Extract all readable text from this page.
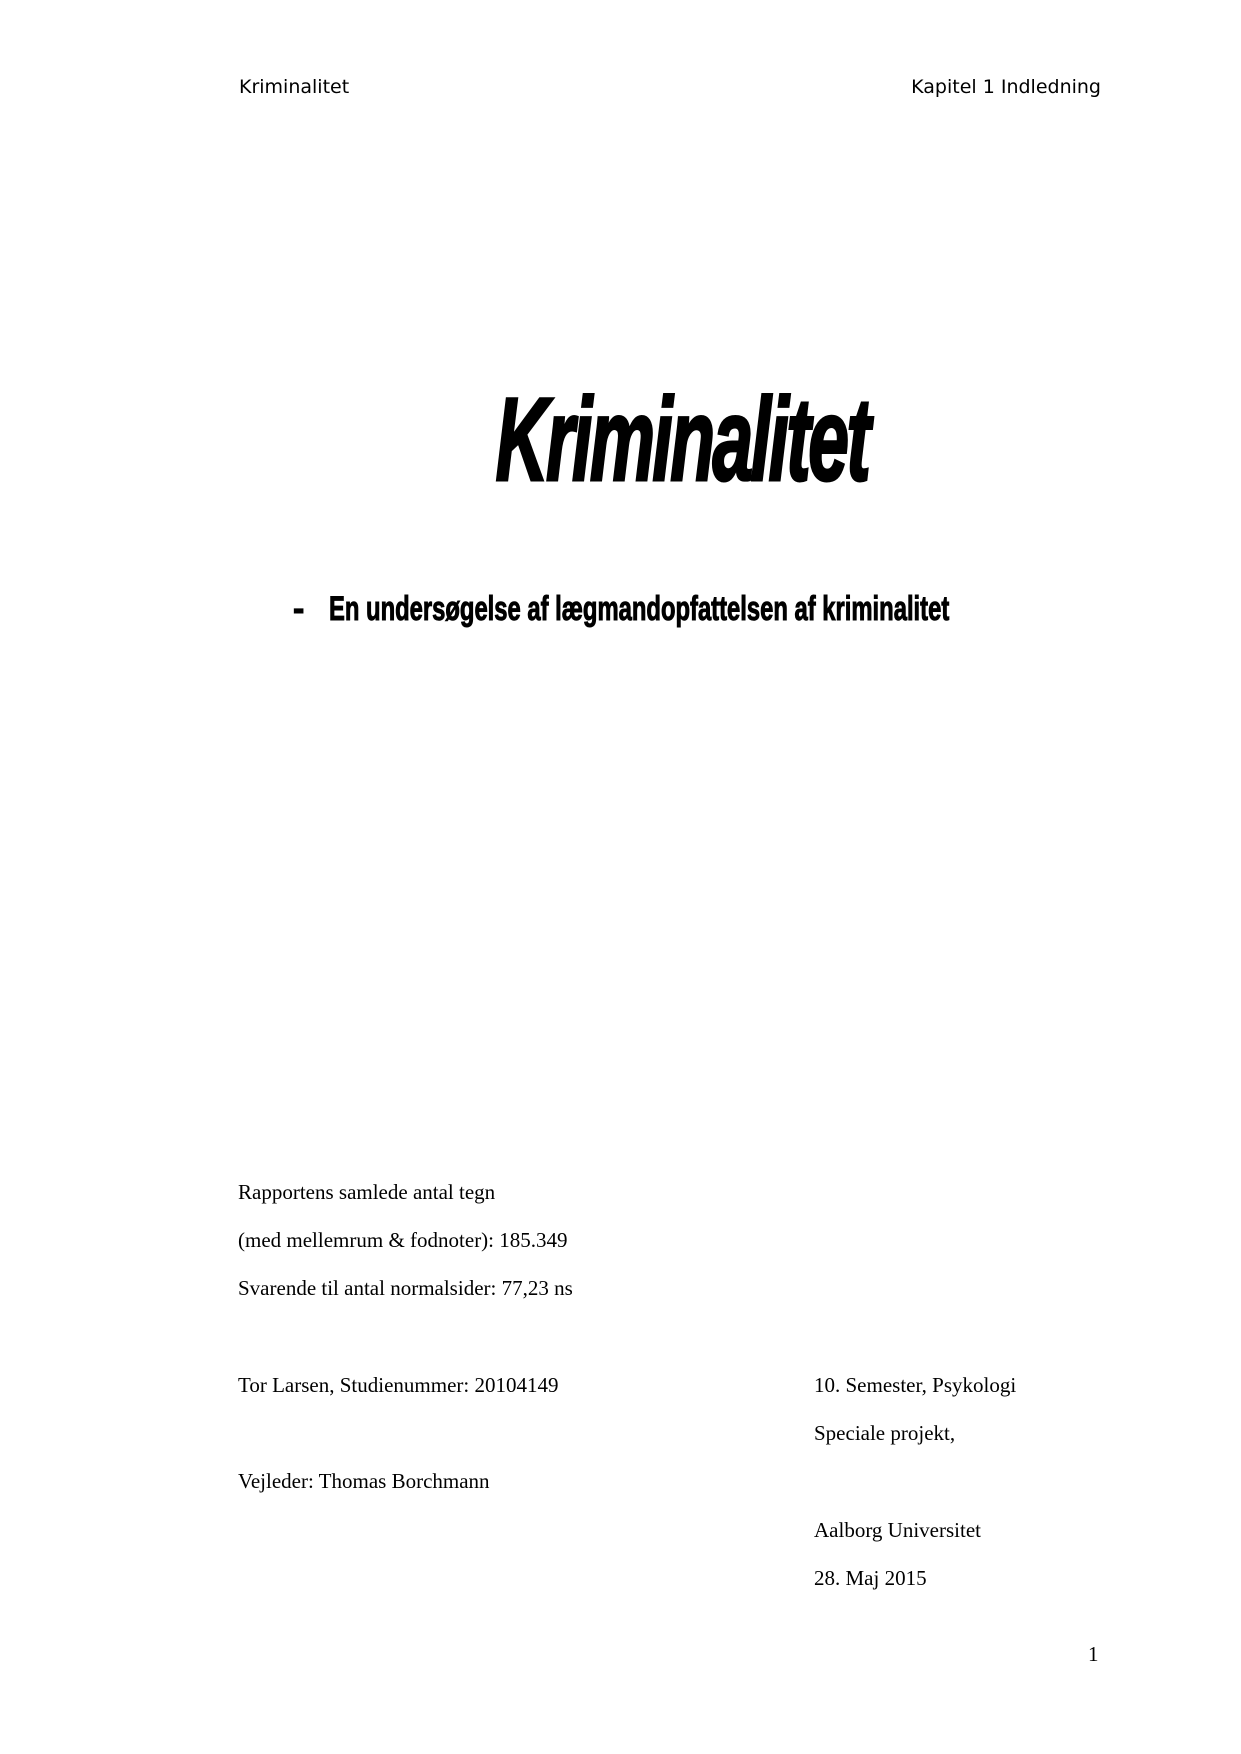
Kriminalitet	Kapitel 1 Indledning
Kriminalitet
- En undersøgelse af lægmandopfattelsen af kriminalitet
Rapportens samlede antal tegn
(med mellemrum & fodnoter): 185.349
Svarende til antal normalsider: 77,23 ns
Tor Larsen, Studienummer: 20104149
Vejleder: Thomas Borchmann
10. Semester, Psykologi
Speciale projekt,
Aalborg Universitet
28. Maj 2015
1
